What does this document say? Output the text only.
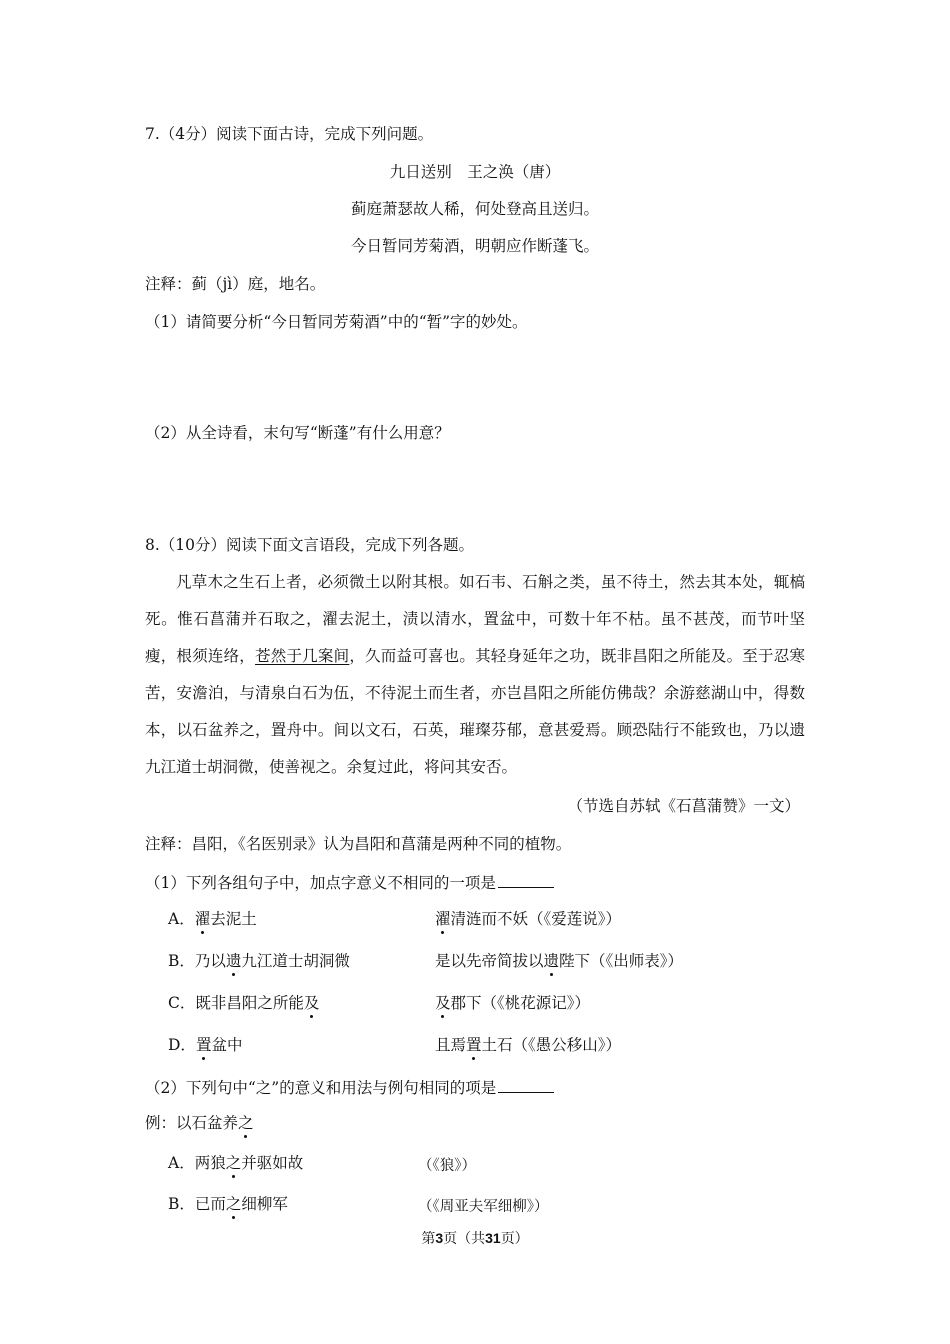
7.（4分）阅读下面古诗，完成下列问题。
九日送别　王之涣（唐）
蓟庭萧瑟故人稀，何处登高且送归。
今日暂同芳菊酒，明朝应作断蓬飞。
注释：蓟（jì）庭，地名。
（1）请简要分析“今日暂同芳菊酒”中的“暂”字的妙处。
（2）从全诗看，末句写“断蓬”有什么用意？
8.（10分）阅读下面文言语段，完成下列各题。

凡草木之生石上者，必须微土以附其根。如石韦、石斛之类，虽不待土，然去其本处，辄槁死。惟石菖蒲并石取之，濯去泥土，渍以清水，置盆中，可数十年不枯。虽不甚茂，而节叶坚瘦，根须连络，苍然于几案间，久而益可喜也。其轻身延年之功，既非昌阳之所能及。至于忍寒苦，安澹泊，与清泉白石为伍，不待泥土而生者，亦岂昌阳之所能仿佛哉？余游慈湖山中，得数本，以石盆养之，置舟中。间以文石，石英，璀璨芬郁，意甚爱焉。顾恐陆行不能致也，乃以遗九江道士胡洞微，使善视之。余复过此，将问其安否。

（节选自苏轼《石菖蒲赞》一文）
注释：昌阳，《名医别录》认为昌阳和菖蒲是两种不同的植物。
（1）下列各组句子中，加点字意义不相同的一项是
A．濯去泥土	濯清涟而不妖（《爱莲说》）
B．乃以遗九江道士胡洞微	是以先帝简拔以遗陛下（《出师表》）
C．既非昌阳之所能及	及郡下（《桃花源记》）
D．置盆中	且焉置土石（《愚公移山》）
（2）下列句中“之”的意义和用法与例句相同的项是
例：以石盆养之
A．两狼之并驱如故	（《狼》）
B．已而之细柳军	（《周亚夫军细柳》）
第3页（共31页）
